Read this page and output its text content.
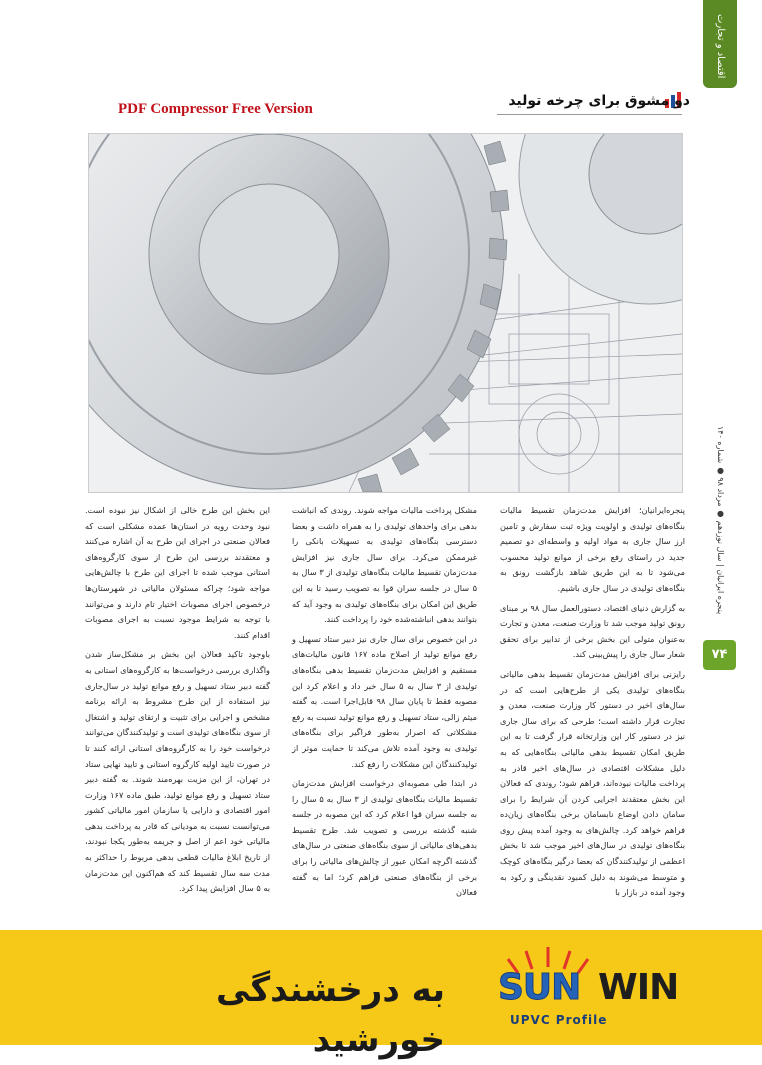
اقتصاد و تجارت
پنجره ایرانیان | سال نوزدهم ● مرداد ۹۸ ● شماره ۱۴۰
۷۴
دو مشوق برای چرخه تولید
PDF Compressor Free Version

پنجره‌ایرانیان؛ افزایش مدت‌زمان تقسیط مالیات بنگاه‌های تولیدی و اولویت ویژه ثبت سفارش و تامین ارز سال جاری به مواد اولیه و واسطه‌ای دو تصمیم جدید در راستای رفع برخی از موانع تولید محسوب می‌شود تا به این طریق شاهد بازگشت رونق به بنگاه‌های تولیدی در سال جاری باشیم.

به گزارش دنیای اقتصاد، دستورالعمل سال ۹۸ بر مبنای رونق تولید موجب شد تا وزارت صنعت، معدن و تجارت به‌عنوان متولی این بخش برخی از تدابیر برای تحقق شعار سال جاری را پیش‌بینی کند.

رایزنی برای افزایش مدت‌زمان تقسیط بدهی مالیاتی بنگاه‌های تولیدی یکی از طرح‌هایی است که در سال‌های اخیر در دستور کار وزارت صنعت، معدن و تجارت قرار داشته است؛ طرحی که برای سال جاری نیز در دستور کار این وزارتخانه قرار گرفت تا به این طریق امکان تقسیط بدهی مالیاتی بنگاه‌هایی که به دلیل مشکلات اقتصادی در سال‌های اخیر قادر به پرداخت مالیات نبوده‌اند، فراهم شود؛ روندی که فعالان این بخش معتقدند اجرایی کردن آن شرایط را برای سامان دادن اوضاع نابسامان برخی بنگاه‌های زیان‌ده فراهم خواهد کرد. چالش‌های به وجود آمده پیش روی بنگاه‌های تولیدی در سال‌های اخیر موجب شد تا بخش اعظمی از تولیدکنندگان که بعضا درگیر بنگاه‌های کوچک و متوسط می‌شوند به دلیل کمبود نقدینگی و رکود به وجود آمده در بازار با

مشکل پرداخت مالیات مواجه شوند. روندی که انباشت بدهی برای واحدهای تولیدی را به همراه داشت و بعضا دسترسی بنگاه‌های تولیدی به تسهیلات بانکی را غیرممکن می‌کرد. برای سال جاری نیز افزایش مدت‌زمان تقسیط مالیات بنگاه‌های تولیدی از ۳ سال به ۵ سال در جلسه سران قوا به تصویب رسید تا به این طریق این امکان برای بنگاه‌های تولیدی به وجود آید که بتوانند بدهی انباشته‌شده خود را پرداخت کنند.

در این خصوص برای سال جاری نیز دبیر ستاد تسهیل و رفع موانع تولید از اصلاح ماده ۱۶۷ قانون مالیات‌های مستقیم و افزایش مدت‌زمان تقسیط بدهی بنگاه‌های تولیدی از ۳ سال به ۵ سال خبر داد و اعلام کرد این مصوبه فقط تا پایان سال ۹۸ قابل‌اجرا است. به گفته میثم زالی، ستاد تسهیل و رفع موانع تولید نسبت به رفع مشکلاتی که اصرار به‌طور فراگیر برای بنگاه‌های تولیدی به وجود آمده تلاش می‌کند تا حمایت موثر از تولیدکنندگان این مشکلات را رفع کند.

در ابتدا طی مصوبه‌ای درخواست افزایش مدت‌زمان تقسیط مالیات بنگاه‌های تولیدی از ۳ سال به ۵ سال را به جلسه سران قوا اعلام کرد که این مصوبه در جلسه شنبه گذشته بررسی و تصویب شد. طرح تقسیط بدهی‌های مالیاتی از سوی بنگاه‌های صنعتی در سال‌های گذشته اگرچه امکان عبور از چالش‌های مالیاتی را برای برخی از بنگاه‌های صنعتی فراهم کرد؛ اما به گفته فعالان

این بخش این طرح خالی از اشکال نیز نبوده است. نبود وحدت رویه در استان‌ها عمده مشکلی است که فعالان صنعتی در اجرای این طرح به آن اشاره می‌کنند و معتقدند بررسی این طرح از سوی کارگروه‌های استانی موجب شده تا اجرای این طرح با چالش‌هایی مواجه شود؛ چراکه مسئولان مالیاتی در شهرستان‌ها درخصوص اجرای مصوبات اختیار تام دارند و می‌توانند با توجه به شرایط موجود نسبت به اجرای مصوبات اقدام کنند.

باوجود تاکید فعالان این بخش بر مشکل‌ساز شدن واگذاری بررسی درخواست‌ها به کارگروه‌های استانی به گفته دبیر ستاد تسهیل و رفع موانع تولید در سال‌جاری نیز استفاده از این طرح مشروط به ارائه برنامه مشخص و اجرایی برای تثبیت و ارتقای تولید و اشتغال از سوی بنگاه‌های تولیدی است و تولیدکنندگان می‌توانند درخواست خود را به کارگروه‌های استانی ارائه کنند تا در صورت تایید اولیه کارگروه استانی و تایید نهایی ستاد در تهران، از این مزیت بهره‌مند شوند. به گفته دبیر ستاد تسهیل و رفع موانع تولید، طبق ماده ۱۶۷ وزارت امور اقتصادی و دارایی یا سازمان امور مالیاتی کشور می‌توانست نسبت به مودیانی که قادر به پرداخت بدهی مالیاتی خود اعم از اصل و جریمه به‌طور یکجا نبودند، از تاریخ ابلاغ مالیات قطعی بدهی مربوط را حداکثر به مدت سه سال تقسیط کند که هم‌اکنون این مدت‌زمان به ۵ سال افزایش پیدا کرد.

به درخشندگی خورشید
SUN WIN
UPVC Profile
